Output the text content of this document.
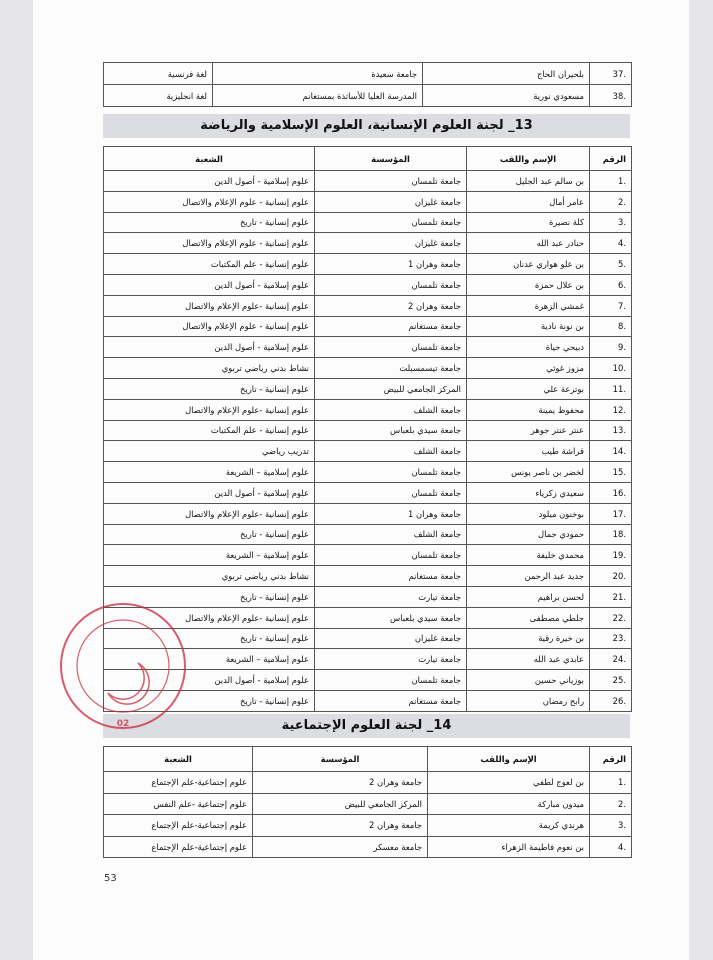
.37	بلحيران الحاج	جامعة سعيدة	لغة فرنسية
.38	مسعودي نورية	المدرسة العليا للأساتذة بمستغانم	لغة انجليزية
13_ لجنة العلوم الإنسانية، العلوم الإسلامية والرياضة
الرقم	الإسم واللقب	المؤسسة	الشعبة
.1	بن سالم عبد الجليل	جامعة تلمسان	علوم إسلامية - أصول الدين
.2	عامر أمال	جامعة غليزان	علوم إنسانية - علوم الإعلام والاتصال
.3	كلة نصيرة	جامعة تلمسان	علوم إنسانية - تاريخ
.4	حنادر عبد الله	جامعة غليزان	علوم إنسانية - علوم الإعلام والاتصال
.5	بن علو هواري عدنان	جامعة وهران 1	علوم إنسانية - علم المكتبات
.6	بن علال حمزة	جامعة تلمسان	علوم إسلامية - أصول الدين
.7	غمشي الزهرة	جامعة وهران 2	علوم إنسانية -علوم الإعلام والاتصال
.8	بن نونة نادية	جامعة مستغانم	علوم إنسانية - علوم الإعلام والاتصال
.9	دبيحي حياة	جامعة تلمسان	علوم إسلامية - أصول الدين
.10	مزوز غوثي	جامعة تيسمسيلت	نشاط بدني رياضي تربوي
.11	بوترعة علي	المركز الجامعي للبيض	علوم إنسانية - تاريخ
.12	محفوظ يمينة	جامعة الشلف	علوم إنسانية -علوم الإعلام والاتصال
.13	عنتر عنتر جوهر	جامعة سيدي بلعباس	علوم إنسانية - علم المكتبات
.14	قراشة طيب	جامعة الشلف	تدريب رياضي
.15	لخضر بن ناصر يونس	جامعة تلمسان	علوم إسلامية – الشريعة
.16	سعيدي زكرياء	جامعة تلمسان	علوم إسلامية - أصول الدين
.17	بوخنون ميلود	جامعة وهران 1	علوم إنسانية -علوم الإعلام والاتصال
.18	حمودي جمال	جامعة الشلف	علوم إنسانية - تاريخ
.19	محمدي خليفة	جامعة تلمسان	علوم إسلامية – الشريعة
.20	جديد عبد الرحمن	جامعة مستغانم	نشاط بدني رياضي تربوي
.21	لحسن براهيم	جامعة تيارت	علوم إنسانية - تاريخ
.22	جلطي مصطفى	جامعة سيدي بلعباس	علوم إنسانية -علوم الإعلام والاتصال
.23	بن خيرة رقية	جامعة غليزان	علوم إنسانية - تاريخ
.24	عابدي عبد الله	جامعة تيارت	علوم إسلامية – الشريعة
.25	بوزياني حسين	جامعة تلمسان	علوم إسلامية - أصول الدين
.26	رابح رمضان	جامعة مستغانم	علوم إنسانية - تاريخ
14_ لجنة العلوم الإجتماعية
الرقم	الإسم واللقب	المؤسسة	الشعبة
.1	بن لعوج لطفي	جامعة وهران 2	علوم إجتماعية-علم الإجتماع
.2	ميدون مباركة	المركز الجامعي للبيض	علوم إجتماعية -علم النفس
.3	هرندي كريمة	جامعة وهران 2	علوم إجتماعية-علم الإجتماع
.4	بن نعوم فاطيمة الزهراء	جامعة معسكر	علوم إجتماعية-علم الإجتماع
02
53
